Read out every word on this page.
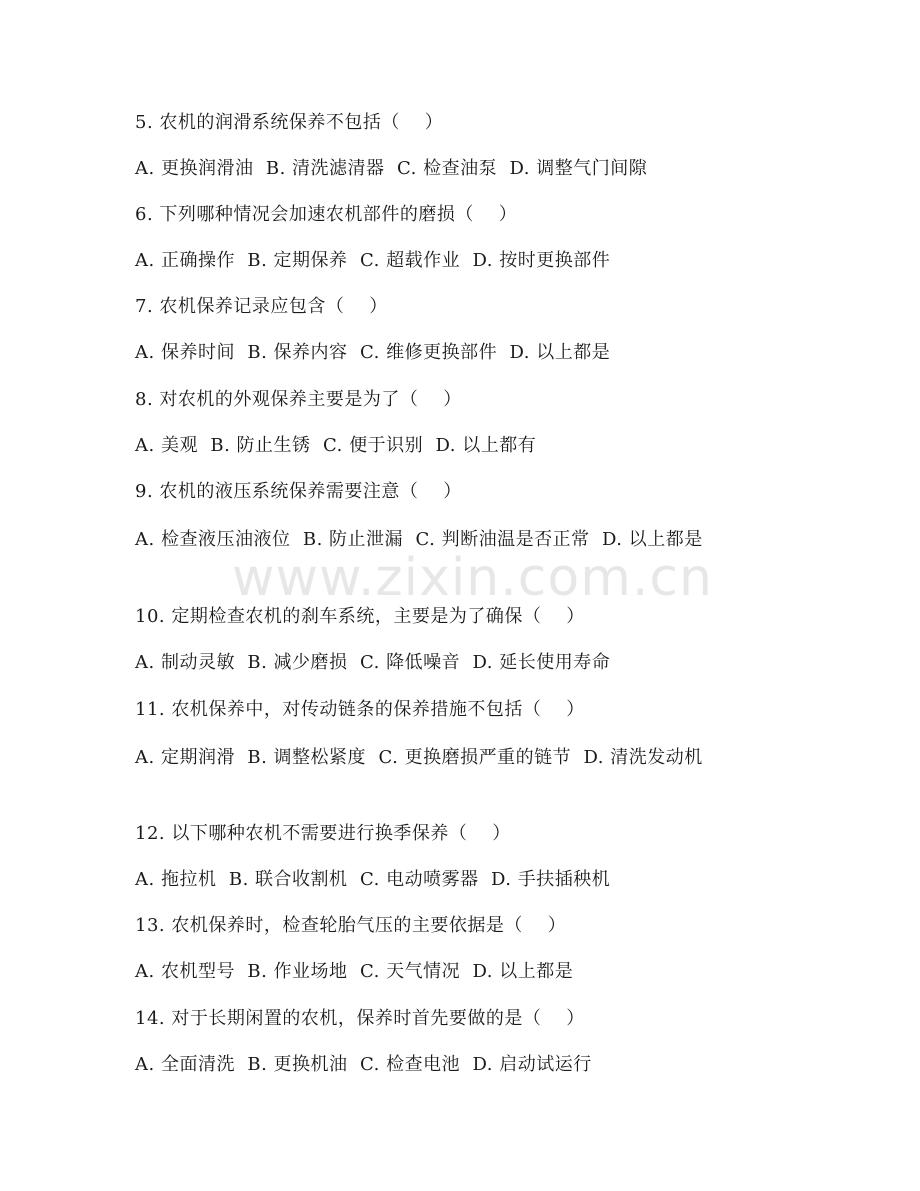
5. 农机的润滑系统保养不包括（    ）
A. 更换润滑油  B. 清洗滤清器  C. 检查油泵  D. 调整气门间隙
6. 下列哪种情况会加速农机部件的磨损（    ）
A. 正确操作  B. 定期保养  C. 超载作业  D. 按时更换部件
7. 农机保养记录应包含（    ）
A. 保养时间  B. 保养内容  C. 维修更换部件  D. 以上都是
8. 对农机的外观保养主要是为了（    ）
A. 美观  B. 防止生锈  C. 便于识别  D. 以上都有
9. 农机的液压系统保养需要注意（    ）
A. 检查液压油液位  B. 防止泄漏  C. 判断油温是否正常  D. 以上都是
10. 定期检查农机的刹车系统，主要是为了确保（    ）
A. 制动灵敏  B. 减少磨损  C. 降低噪音  D. 延长使用寿命
11. 农机保养中，对传动链条的保养措施不包括（    ）
A. 定期润滑  B. 调整松紧度  C. 更换磨损严重的链节  D. 清洗发动机
12. 以下哪种农机不需要进行换季保养（    ）
A. 拖拉机  B. 联合收割机  C. 电动喷雾器  D. 手扶插秧机
13. 农机保养时，检查轮胎气压的主要依据是（    ）
A. 农机型号  B. 作业场地  C. 天气情况  D. 以上都是
14. 对于长期闲置的农机，保养时首先要做的是（    ）
A. 全面清洗  B. 更换机油  C. 检查电池  D. 启动试运行
www.zixin.com.cn
